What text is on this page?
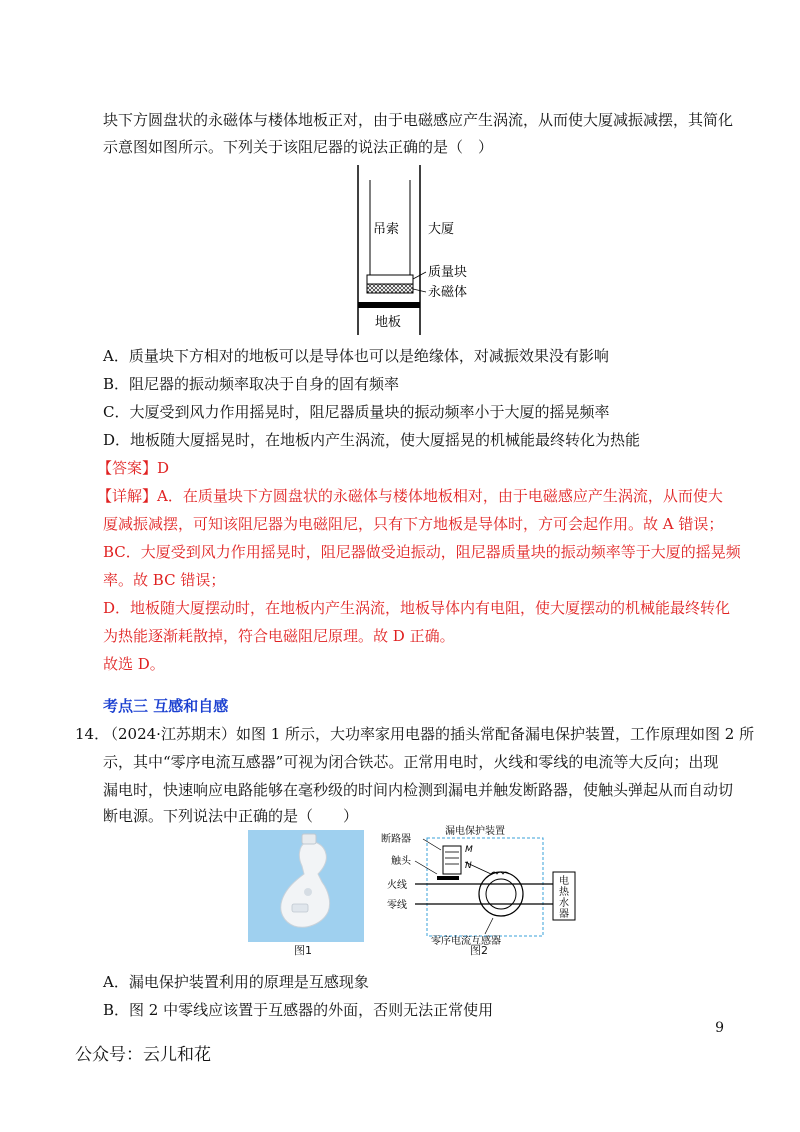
块下方圆盘状的永磁体与楼体地板正对，由于电磁感应产生涡流，从而使大厦减振减摆，其简化
示意图如图所示。下列关于该阻尼器的说法正确的是（　）
吊索 大厦
质量块
永磁体
地板
A．质量块下方相对的地板可以是导体也可以是绝缘体，对减振效果没有影响
B．阻尼器的振动频率取决于自身的固有频率
C．大厦受到风力作用摇晃时，阻尼器质量块的振动频率小于大厦的摇晃频率
D．地板随大厦摇晃时，在地板内产生涡流，使大厦摇晃的机械能最终转化为热能
【答案】D
【详解】A．在质量块下方圆盘状的永磁体与楼体地板相对，由于电磁感应产生涡流，从而使大
厦减振减摆，可知该阻尼器为电磁阻尼，只有下方地板是导体时，方可会起作用。故 A 错误；
BC．大厦受到风力作用摇晃时，阻尼器做受迫振动，阻尼器质量块的振动频率等于大厦的摇晃频
率。故 BC 错误；
D．地板随大厦摆动时，在地板内产生涡流，地板导体内有电阻，使大厦摆动的机械能最终转化
为热能逐渐耗散掉，符合电磁阻尼原理。故 D 正确。
故选 D。
考点三 互感和自感
14．
（2024·江苏期末）如图 1 所示，大功率家用电器的插头常配备漏电保护装置，工作原理如图 2 所
示，其中“零序电流互感器”可视为闭合铁芯。正常用电时，火线和零线的电流等大反向；出现
漏电时，快速响应电路能够在毫秒级的时间内检测到漏电并触发断路器，使触头弹起从而自动切
断电源。下列说法中正确的是（　　）
图1
漏电保护装置
断路器
触头
火线
零线
M
N
零序电流互感器
电
热
水
器
图2
A．漏电保护装置利用的原理是互感现象
B．图 2 中零线应该置于互感器的外面，否则无法正常使用
9
公众号：云儿和花
